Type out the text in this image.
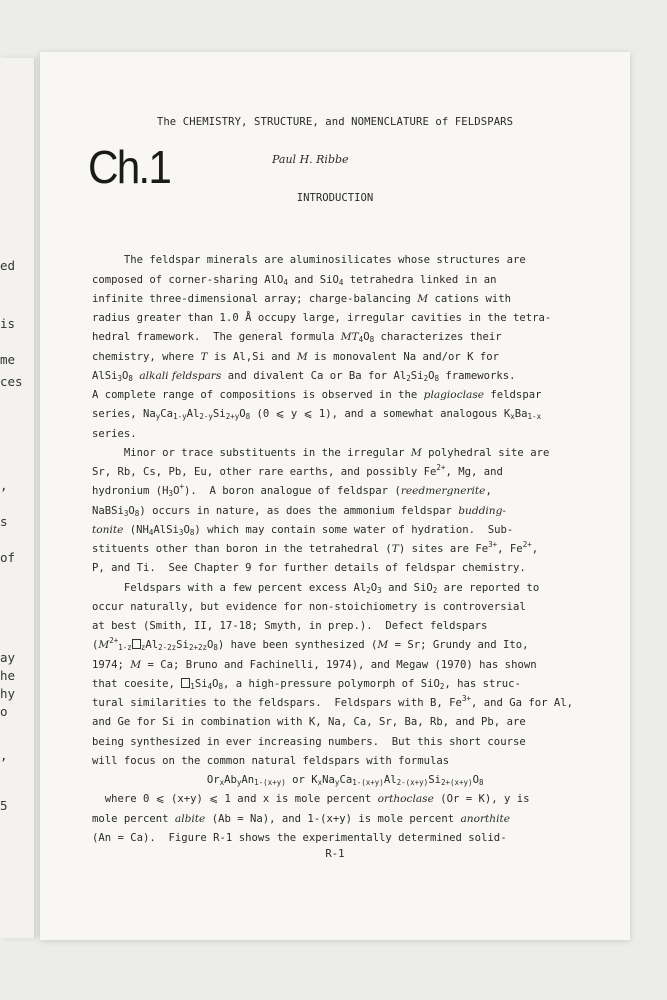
ed
is
me
ces
,
s
of
ay
he
hy
o
,
5
The CHEMISTRY, STRUCTURE, and NOMENCLATURE of FELDSPARS
Ch.1	Paul H. Ribbe
INTRODUCTION

The feldspar minerals are aluminosilicates whose structures are
composed of corner-sharing AlO$_4$ and SiO$_4$ tetrahedra linked in an
infinite three-dimensional array; charge-balancing M cations with
radius greater than 1.0 Å occupy large, irregular cavities in the tetra-
hedral framework.  The general formula $MT_4O_8$ characterizes their
chemistry, where T is Al,Si and M is monovalent Na and/or K for
$AlSi_3O_8$ alkali feldspars and divalent Ca or Ba for $Al_2Si_2O_8$ frameworks.
A complete range of compositions is observed in the plagioclase feldspar
series, $Na_yCa_{1-y}Al_{2-y}Si_{2+y}O_8$ (0 ⩽ y ⩽ 1), and a somewhat analogous $K_xBa_{1-x}$
series.
Minor or trace substituents in the irregular M polyhedral site are
Sr, Rb, Cs, Pb, Eu, other rare earths, and possibly $Fe^{2+}$, Mg, and
hydronium $(H_3O^+)$.  A boron analogue of feldspar (reedmergnerite,
$NaBSi_3O_8$) occurs in nature, as does the ammonium feldspar budding-
tonite $(NH_4AlSi_3O_8)$ which may contain some water of hydration.  Sub-
stituents other than boron in the tetrahedral (T) sites are $Fe^{3+}$, $Fe^{2+}$,
P, and Ti.  See Chapter 9 for further details of feldspar chemistry.
Feldspars with a few percent excess $Al_2O_3$ and SiO$_2$ are reported to
occur naturally, but evidence for non-stoichiometry is controversial
at best (Smith, II, 17-18; Smyth, in prep.).  Defect feldspars
($M^{2+}_{1-z}$ $_zAl_{2-2z}Si_{2+2z}O_8$) have been synthesized (M = Sr; Grundy and Ito,
1974; M = Ca; Bruno and Fachinelli, 1974), and Megaw (1970) has shown
that coesite, $_1Si_4O_8$, a high-pressure polymorph of SiO$_2$, has struc-
tural similarities to the feldspars.  Feldspars with B, $Fe^{3+}$, and Ga for Al,
and Ge for Si in combination with K, Na, Ca, Sr, Ba, Rb, and Pb, are
being synthesized in ever increasing numbers.  But this short course
will focus on the common natural feldspars with formulas
$Or_xAb_yAn_{1-(x+y)}$ or $K_xNa_yCa_{1-(x+y)}Al_{2-(x+y)}Si_{2+(x+y)}O_8$
where 0 ⩽ (x+y) ⩽ 1 and x is mole percent orthoclase (Or = K), y is
mole percent albite (Ab = Na), and 1-(x+y) is mole percent anorthite
(An = Ca).  Figure R-1 shows the experimentally determined solid-
R-1
